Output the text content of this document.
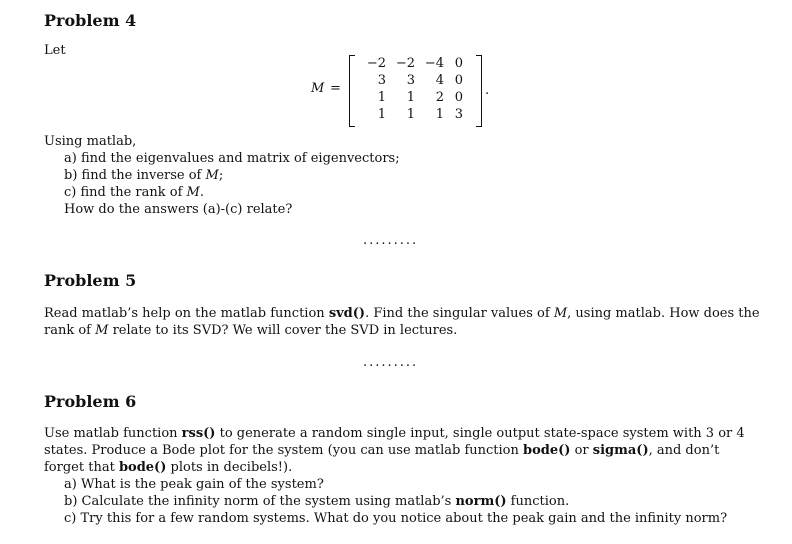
Problem 4
Let
M =
−2	−2	−4	0
3	3	4	0
1	1	2	0
1	1	1	3
.
Using matlab,
a) find the eigenvalues and matrix of eigenvectors;
b) find the inverse of M;
c) find the rank of M.
How do the answers (a)-(c) relate?
.........
Problem 5
Read matlab’s help on the matlab function svd(). Find the singular values of M, using matlab. How does the rank of M relate to its SVD? We will cover the SVD in lectures.
.........
Problem 6
Use matlab function rss() to generate a random single input, single output state-space system with 3 or 4 states. Produce a Bode plot for the system (you can use matlab function bode() or sigma(), and don’t forget that bode() plots in decibels!).
a) What is the peak gain of the system?
b) Calculate the infinity norm of the system using matlab’s norm() function.
c) Try this for a few random systems. What do you notice about the peak gain and the infinity norm?
